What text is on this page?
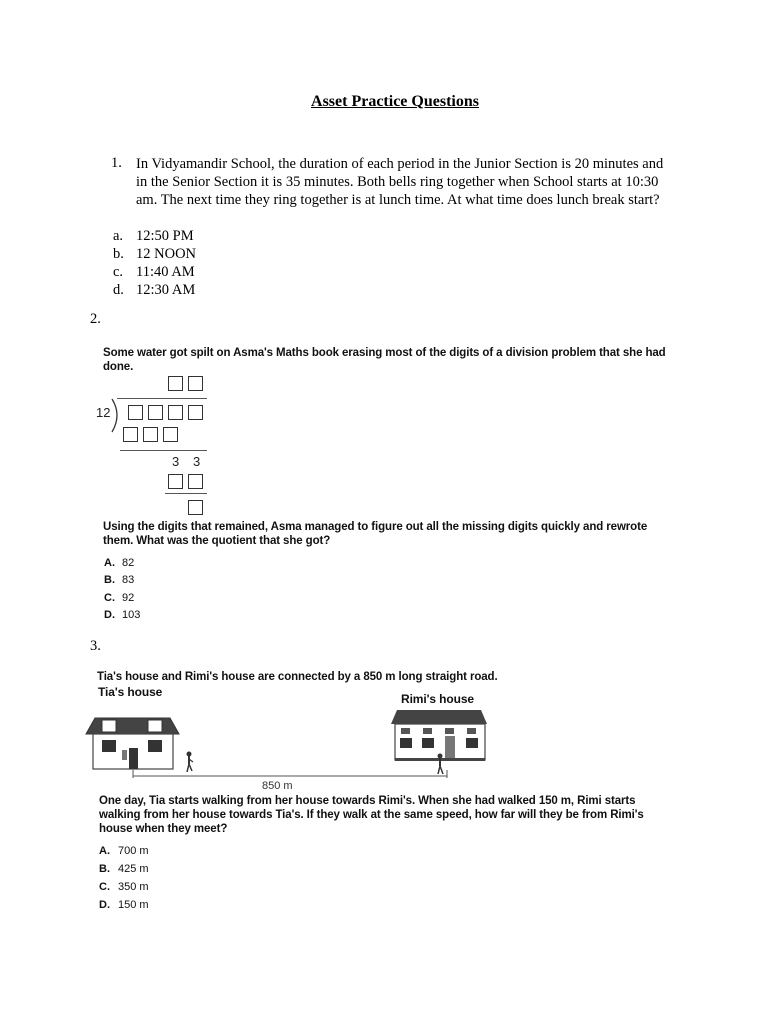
Asset Practice Questions
1. In Vidyamandir School, the duration of each period in the Junior Section is 20 minutes and in the Senior Section it is 35 minutes. Both bells ring together when School starts at 10:30 am. The next time they ring together is at lunch time. At what time does lunch break start?
a. 12:50 PM
b. 12 NOON
c. 11:40 AM
d. 12:30 AM
2.
Some water got spilt on Asma's Maths book erasing most of the digits of a division problem that she had done.
12
3 3
Using the digits that remained, Asma managed to figure out all the missing digits quickly and rewrote them. What was the quotient that she got?
A. 82
B. 83
C. 92
D. 103
3.
Tia's house and Rimi's house are connected by a 850 m long straight road.
Tia's house	Rimi's house
850 m
One day, Tia starts walking from her house towards Rimi's. When she had walked 150 m, Rimi starts walking from her house towards Tia's. If they walk at the same speed, how far will they be from Rimi's house when they meet?
A. 700 m
B. 425 m
C. 350 m
D. 150 m
